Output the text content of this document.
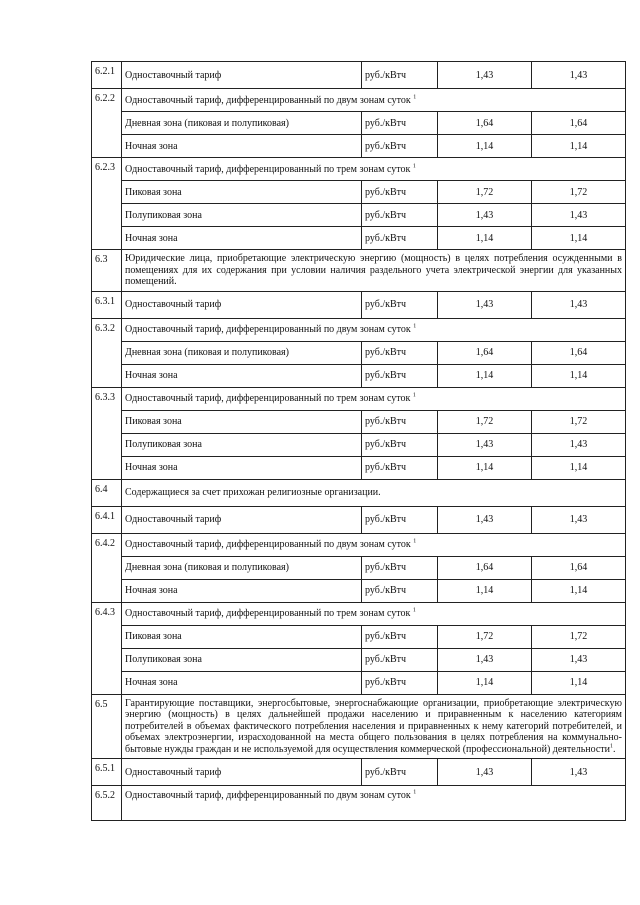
6.2.1	Одноставочный тариф	руб./кВтч	1,43	1,43
6.2.2	Одноставочный тариф, дифференцированный по двум зонам суток $^1$
	Дневная зона (пиковая и полупиковая)	руб./кВтч	1,64	1,64
	Ночная зона	руб./кВтч	1,14	1,14
6.2.3	Одноставочный тариф, дифференцированный по трем зонам суток $^1$
	Пиковая зона	руб./кВтч	1,72	1,72
	Полупиковая зона	руб./кВтч	1,43	1,43
	Ночная зона	руб./кВтч	1,14	1,14
6.3	Юридические лица, приобретающие электрическую энергию (мощность) в целях потребления осужденными в помещениях для их содержания при условии наличия раздельного учета электрической энергии для указанных помещений.			
6.3.1	Одноставочный тариф	руб./кВтч	1,43	1,43
6.3.2	Одноставочный тариф, дифференцированный по двум зонам суток $^1$
	Дневная зона (пиковая и полупиковая)	руб./кВтч	1,64	1,64
	Ночная зона	руб./кВтч	1,14	1,14
6.3.3	Одноставочный тариф, дифференцированный по трем зонам суток $^1$
	Пиковая зона	руб./кВтч	1,72	1,72
	Полупиковая зона	руб./кВтч	1,43	1,43
	Ночная зона	руб./кВтч	1,14	1,14
6.4	Содержащиеся за счет прихожан религиозные организации.			
6.4.1	Одноставочный тариф	руб./кВтч	1,43	1,43
6.4.2	Одноставочный тариф, дифференцированный по двум зонам суток $^1$
	Дневная зона (пиковая и полупиковая)	руб./кВтч	1,64	1,64
	Ночная зона	руб./кВтч	1,14	1,14
6.4.3	Одноставочный тариф, дифференцированный по трем зонам суток $^1$
	Пиковая зона	руб./кВтч	1,72	1,72
	Полупиковая зона	руб./кВтч	1,43	1,43
	Ночная зона	руб./кВтч	1,14	1,14
6.5	Гарантирующие поставщики, энергосбытовые, энергоснабжающие организации, приобретающие электрическую энергию (мощность) в целях дальнейшей продажи населению и приравненным к населению категориям потребителей в объемах фактического потребления населения и приравненных к нему категорий потребителей, и объемах электроэнергии, израсходованной на места общего пользования в целях потребления на коммунально-бытовые нужды граждан и не используемой для осуществления коммерческой (профессиональной) деятельности$^1$.			
6.5.1	Одноставочный тариф	руб./кВтч	1,43	1,43
6.5.2	Одноставочный тариф, дифференцированный по двум зонам суток $^1$
